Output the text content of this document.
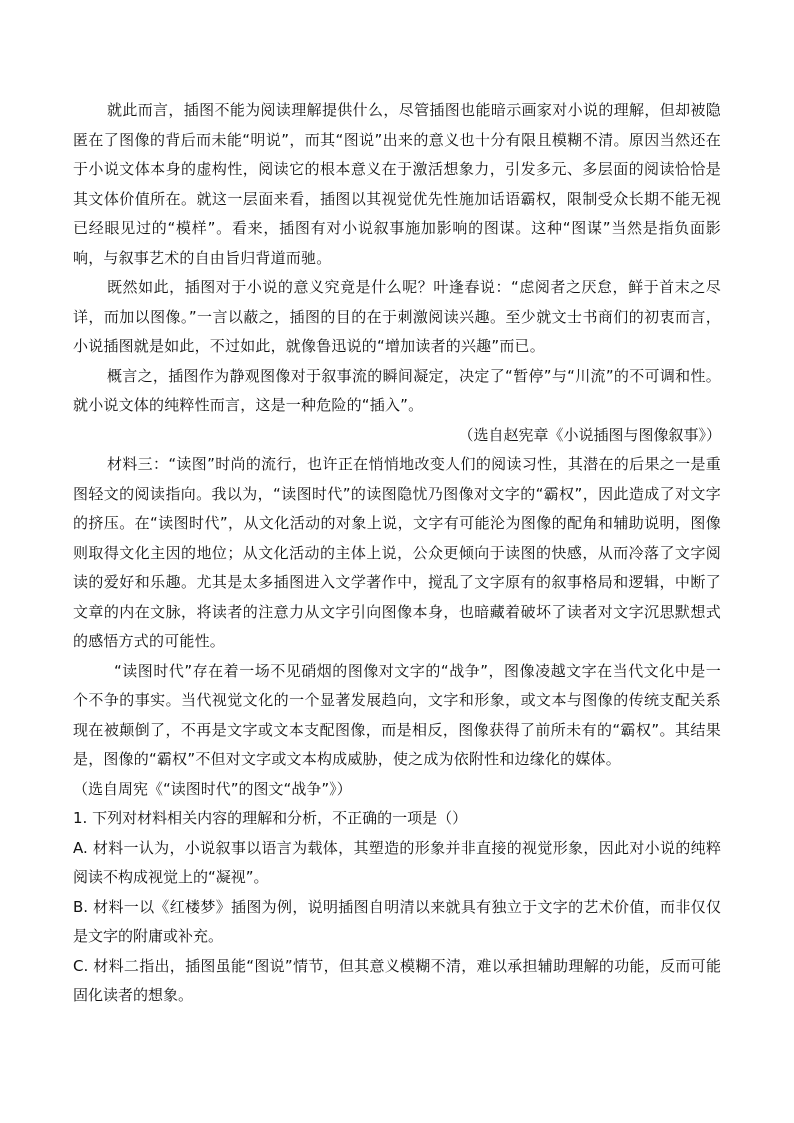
就此而言，插图不能为阅读理解提供什么，尽管插图也能暗示画家对小说的理解，但却被隐匿在了图像的背后而未能“明说”，而其“图说”出来的意义也十分有限且模糊不清。原因当然还在于小说文体本身的虚构性，阅读它的根本意义在于激活想象力，引发多元、多层面的阅读恰恰是其文体价值所在。就这一层面来看，插图以其视觉优先性施加话语霸权，限制受众长期不能无视已经眼见过的“模样”。看来，插图有对小说叙事施加影响的图谋。这种“图谋”当然是指负面影响，与叙事艺术的自由旨归背道而驰。

既然如此，插图对于小说的意义究竟是什么呢？叶逢春说：“虑阅者之厌怠，鲜于首末之尽详，而加以图像。”一言以蔽之，插图的目的在于刺激阅读兴趣。至少就文士书商们的初衷而言，小说插图就是如此，不过如此，就像鲁迅说的“增加读者的兴趣”而已。

概言之，插图作为静观图像对于叙事流的瞬间凝定，决定了“暂停”与“川流”的不可调和性。就小说文体的纯粹性而言，这是一种危险的“插入”。

（选自赵宪章《小说插图与图像叙事》）

材料三：“读图”时尚的流行，也许正在悄悄地改变人们的阅读习性，其潜在的后果之一是重图轻文的阅读指向。我以为，“读图时代”的读图隐忧乃图像对文字的“霸权”，因此造成了对文字的挤压。在“读图时代”，从文化活动的对象上说，文字有可能沦为图像的配角和辅助说明，图像则取得文化主因的地位；从文化活动的主体上说，公众更倾向于读图的快感，从而冷落了文字阅读的爱好和乐趣。尤其是太多插图进入文学著作中，搅乱了文字原有的叙事格局和逻辑，中断了文章的内在文脉，将读者的注意力从文字引向图像本身，也暗藏着破坏了读者对文字沉思默想式的感悟方式的可能性。

“读图时代”存在着一场不见硝烟的图像对文字的“战争”，图像凌越文字在当代文化中是一个不争的事实。当代视觉文化的一个显著发展趋向，文字和形象，或文本与图像的传统支配关系现在被颠倒了，不再是文字或文本支配图像，而是相反，图像获得了前所未有的“霸权”。其结果是，图像的“霸权”不但对文字或文本构成威胁，使之成为依附性和边缘化的媒体。

（选自周宪《“读图时代”的图文“战争”》）

1. 下列对材料相关内容的理解和分析，不正确的一项是（）

A. 材料一认为，小说叙事以语言为载体，其塑造的形象并非直接的视觉形象，因此对小说的纯粹阅读不构成视觉上的“凝视”。

B. 材料一以《红楼梦》插图为例，说明插图自明清以来就具有独立于文字的艺术价值，而非仅仅是文字的附庸或补充。

C. 材料二指出，插图虽能“图说”情节，但其意义模糊不清，难以承担辅助理解的功能，反而可能固化读者的想象。
